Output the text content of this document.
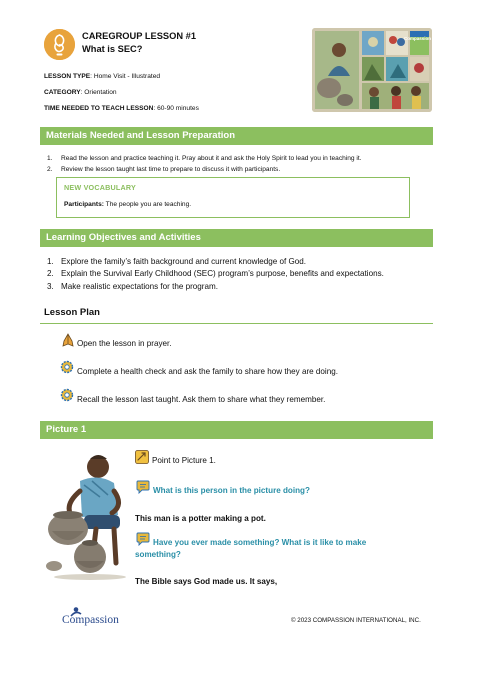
CAREGROUP LESSON #1
What is SEC?
LESSON TYPE: Home Visit - Illustrated
CATEGORY: Orientation
TIME NEEDED TO TEACH LESSON: 60-90 minutes
Compassion
Materials Needed and Lesson Preparation
1. Read the lesson and practice teaching it. Pray about it and ask the Holy Spirit to lead you in teaching it.
2. Review the lesson taught last time to prepare to discuss it with participants.
NEW VOCABULARY
Participants: The people you are teaching.
Learning Objectives and Activities
1. Explore the family’s faith background and current knowledge of God.
2. Explain the Survival Early Childhood (SEC) program’s purpose, benefits and expectations.
3. Make realistic expectations for the program.
Lesson Plan
Open the lesson in prayer.
Complete a health check and ask the family to share how they are doing.
Recall the lesson last taught. Ask them to share what they remember.
Picture 1
Point to Picture 1.
What is this person in the picture doing?
This man is a potter making a pot.
Have you ever made something? What is it like to make
something?
The Bible says God made us. It says,
Compassion	© 2023 COMPASSION INTERNATIONAL, INC.
